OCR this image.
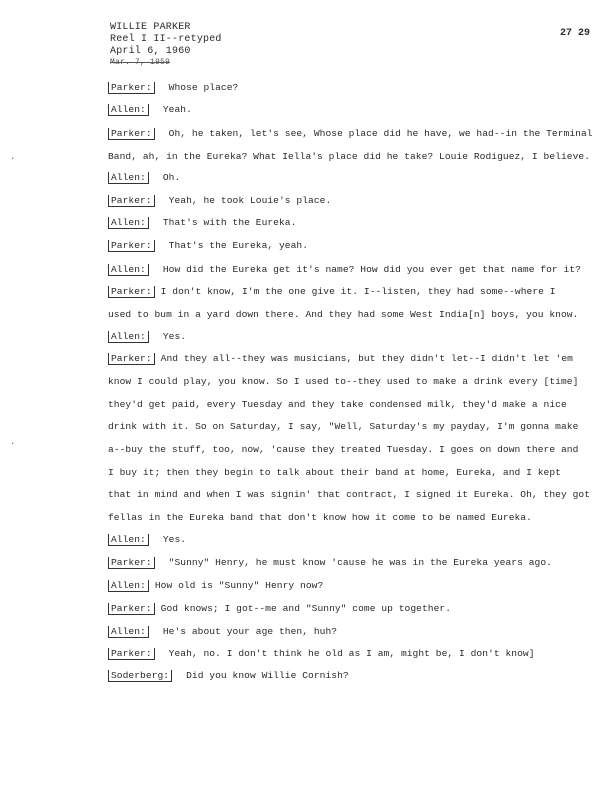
WILLIE PARKER
Reel I II--retyped
April 6, 1960
Mar. 7, 1959
27 29
.
.
Parker: Whose place?
Allen: Yeah.
Parker: Oh, he taken, let's see, Whose place did he have, we had--in the Terminal
Band, ah, in the Eureka? What Iella's place did he take? Louie Rodiguez, I believe.
Allen: Oh.
Parker: Yeah, he took Louie's place.
Allen: That's with the Eureka.
Parker: That's the Eureka, yeah.
Allen: How did the Eureka get it's name? How did you ever get that name for it?
Parker: I don't know, I'm the one give it. I--listen, they had some--where I
used to bum in a yard down there. And they had some West India[n] boys, you know.
Allen: Yes.
Parker: And they all--they was musicians, but they didn't let--I didn't let 'em
know I could play, you know. So I used to--they used to make a drink every [time]
they'd get paid, every Tuesday and they take condensed milk, they'd make a nice
drink with it. So on Saturday, I say, "Well, Saturday's my payday, I'm gonna make
a--buy the stuff, too, now, 'cause they treated Tuesday. I goes on down there and
I buy it; then they begin to talk about their band at home, Eureka, and I kept
that in mind and when I was signin' that contract, I signed it Eureka. Oh, they got
fellas in the Eureka band that don't know how it come to be named Eureka.
Allen: Yes.
Parker: "Sunny" Henry, he must know 'cause he was in the Eureka years ago.
Allen: How old is "Sunny" Henry now?
Parker: God knows; I got--me and "Sunny" come up together.
Allen: He's about your age then, huh?
Parker: Yeah, no. I don't think he old as I am, might be, I don't know]
Soderberg: Did you know Willie Cornish?
